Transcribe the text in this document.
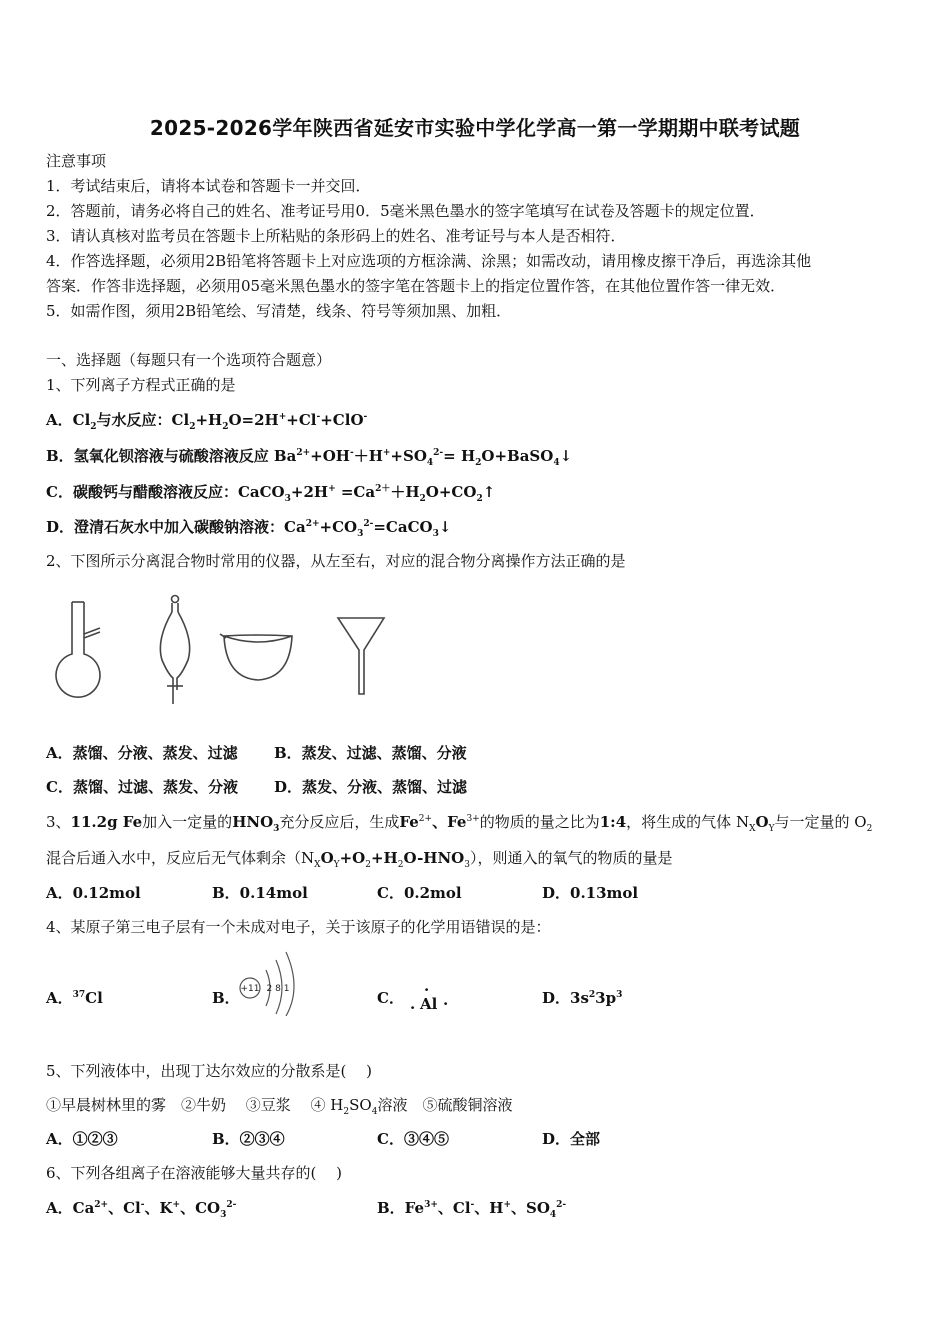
2025-2026学年陕西省延安市实验中学化学高一第一学期期中联考试题
注意事项
1．考试结束后，请将本试卷和答题卡一并交回．
2．答题前，请务必将自己的姓名、准考证号用0．5毫米黑色墨水的签字笔填写在试卷及答题卡的规定位置．
3．请认真核对监考员在答题卡上所粘贴的条形码上的姓名、准考证号与本人是否相符．
4．作答选择题，必须用2B铅笔将答题卡上对应选项的方框涂满、涂黑；如需改动，请用橡皮擦干净后，再选涂其他
答案．作答非选择题，必须用05毫米黑色墨水的签字笔在答题卡上的指定位置作答，在其他位置作答一律无效．
5．如需作图，须用2B铅笔绘、写清楚，线条、符号等须加黑、加粗．
一、选择题（每题只有一个选项符合题意）
1、下列离子方程式正确的是
A．$Cl_2$与水反应：$Cl_2+H_2O=2H^++Cl^-+ClO^-$
B．氢氧化钡溶液与硫酸溶液反应 $Ba^{2+}+OH^-+H^++SO_4^{2-}=$ $H_2O+BaSO_4↓$
C．碳酸钙与醋酸溶液反应：CaCO$_3$+2H+ $=Ca^{2+}+H_2O+CO_2↑$
D．澄清石灰水中加入碳酸钠溶液：$Ca^{2+}+CO_3^{2-}=CaCO_3↓$
2、下图所示分离混合物时常用的仪器，从左至右，对应的混合物分离操作方法正确的是
A．蒸馏、分液、蒸发、过滤 B．蒸发、过滤、蒸馏、分液
C．蒸馏、过滤、蒸发、分液 D．蒸发、分液、蒸馏、过滤
3、11.2g Fe加入一定量的$HNO_3$充分反应后，生成$Fe^{2+}$、$Fe^{3+}$的物质的量之比为1:4，将生成的气体 $N_XO_Y$与一定量的 $O_2$
混合后通入水中，反应后无气体剩余$(N_XO_Y+O_2+H_2O-HNO_3)$，则通入的氧气的物质的量是
A．0.12mol	B．0.14mol	C．0.2mol	D．0.13mol
4、某原子第三电子层有一个未成对电子，关于该原子的化学用语错误的是：
A．$^{37}$Cl	B． +11 2 8 1	C． ·
. Al ·	D．$3s^23p^3$
5、下列液体中，出现丁达尔效应的分散系是(　 )
①早晨树林里的雾　②牛奶　 ③豆浆　 ④ $H_2SO_4$溶液　⑤硫酸铜溶液
A．①②③	B．②③④	C．③④⑤	D．全部
6、下列各组离子在溶液能够大量共存的(　 )
A．$Ca^{2+}$、Cl-、K+、$CO_3^{2-}$	B．$Fe^{3+}$、Cl-、H+、$SO_4^{2-}$
